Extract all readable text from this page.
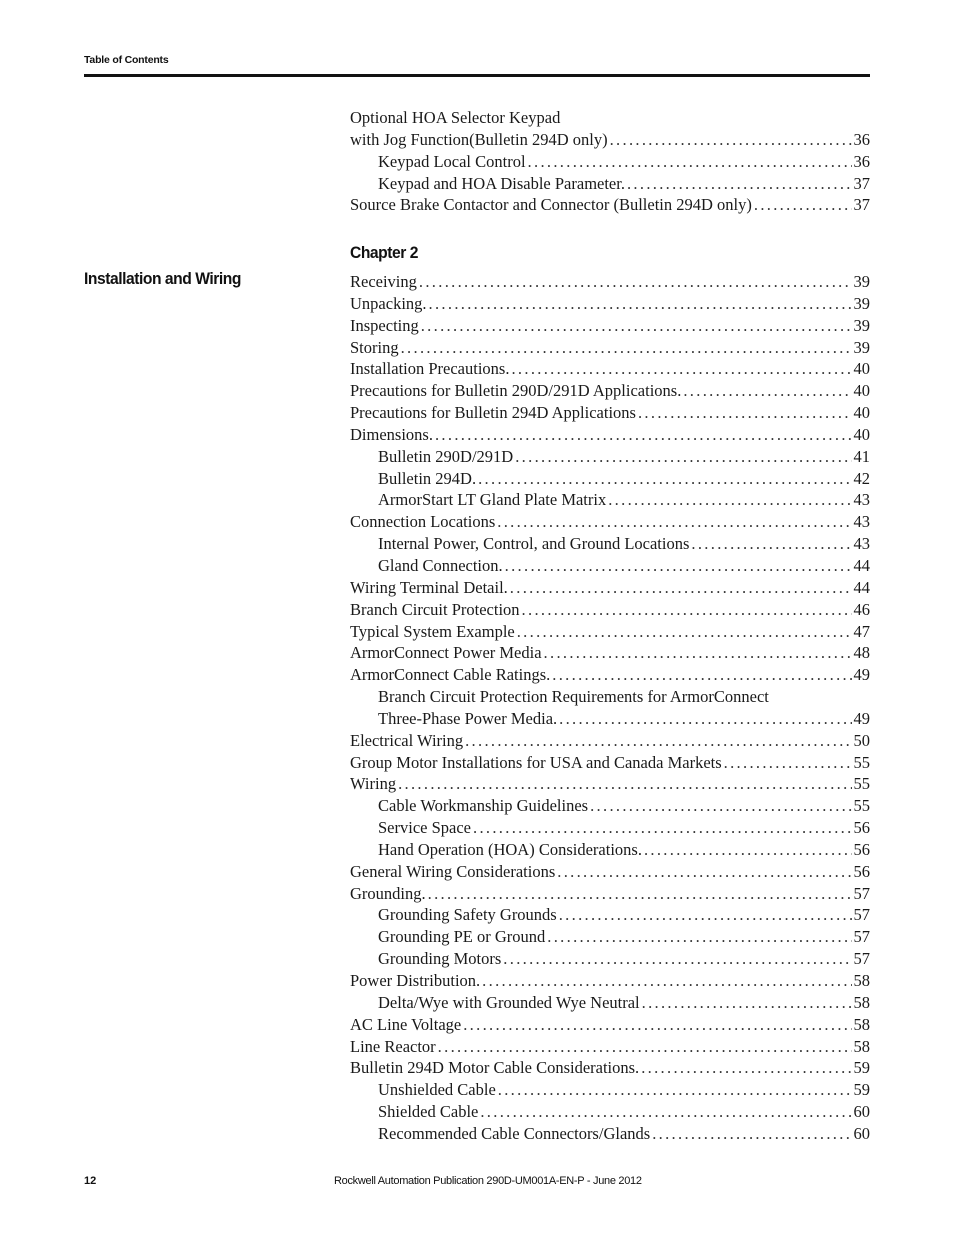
Table of Contents
Optional HOA Selector Keypad
with Jog Function(Bulletin 294D only) . . .	36
Keypad Local Control . . .	36
Keypad and HOA Disable Parameter. . . .	37
Source Brake Contactor and Connector (Bulletin 294D only) . . .	37
Chapter 2
Installation and Wiring	Receiving . . .	39
Unpacking. . . .	39
Inspecting . . .	39
Storing . . .	39
Installation Precautions. . . .	40
Precautions for Bulletin 290D/291D Applications. . . .	40
Precautions for Bulletin 294D Applications . . .	40
Dimensions. . . .	40
Bulletin 290D/291D . . .	41
Bulletin 294D. . . .	42
ArmorStart LT Gland Plate Matrix . . .	43
Connection Locations . . .	43
Internal Power, Control, and Ground Locations . . .	43
Gland Connection. . . .	44
Wiring Terminal Detail. . . .	44
Branch Circuit Protection . . .	46
Typical System Example . . .	47
ArmorConnect Power Media . . .	48
ArmorConnect Cable Ratings. . . .	49
Branch Circuit Protection Requirements for ArmorConnect
Three-Phase Power Media. . . .	49
Electrical Wiring . . .	50
Group Motor Installations for USA and Canada Markets . . .	55
Wiring . . .	55
Cable Workmanship Guidelines . . .	55
Service Space . . .	56
Hand Operation (HOA) Considerations. . . .	56
General Wiring Considerations . . .	56
Grounding. . . .	57
Grounding Safety Grounds . . .	57
Grounding PE or Ground . . .	57
Grounding Motors . . .	57
Power Distribution. . . .	58
Delta/Wye with Grounded Wye Neutral . . .	58
AC Line Voltage . . .	58
Line Reactor . . .	58
Bulletin 294D Motor Cable Considerations. . . .	59
Unshielded Cable . . .	59
Shielded Cable . . .	60
Recommended Cable Connectors/Glands . . .	60
12	Rockwell Automation Publication 290D-UM001A-EN-P - June 2012
